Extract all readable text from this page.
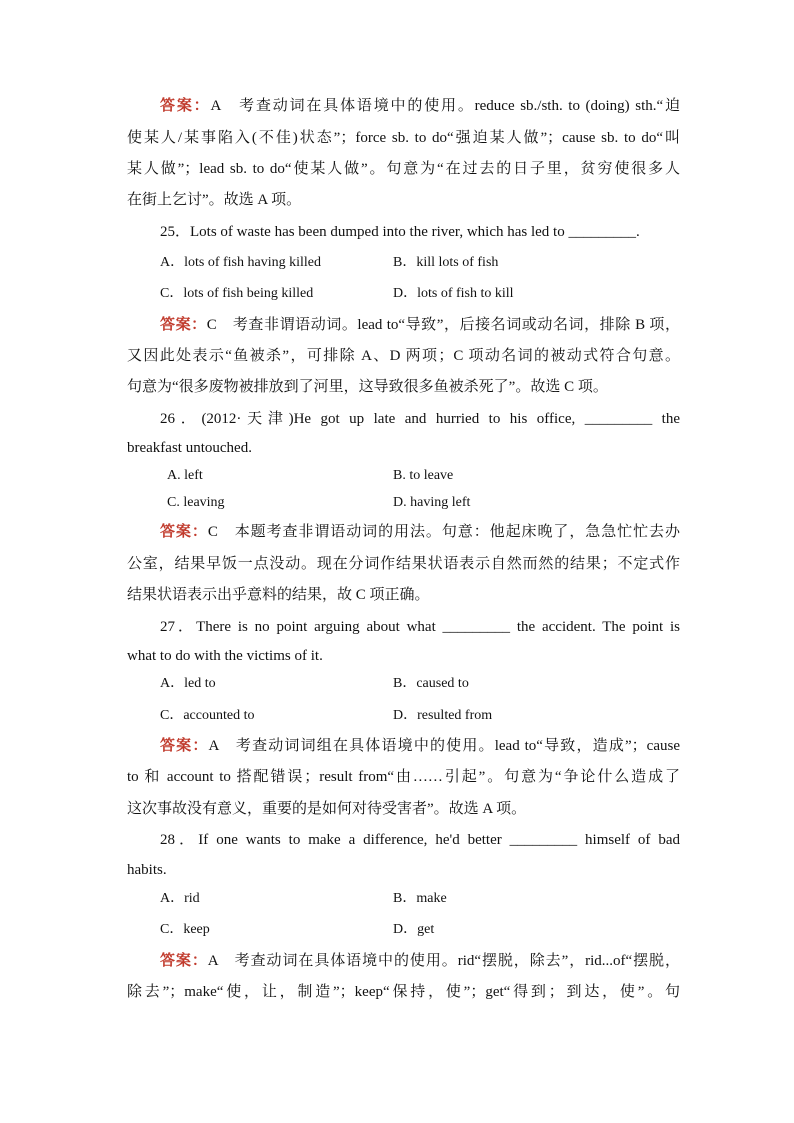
答案：A　考查动词在具体语境中的使用。reduce sb./sth. to (doing) sth.“迫
使某人/某事陷入(不佳)状态”；force sb. to do“强迫某人做”；cause sb. to do“叫
某人做”；lead sb. to do“使某人做”。句意为“在过去的日子里，贫穷使很多人
在街上乞讨”。故选 A 项。
25．Lots of waste has been dumped into the river, which has led to _________.
A．lots of fish having killed	B．kill lots of fish
C．lots of fish being killed	D．lots of fish to kill
答案：C　考查非谓语动词。lead to“导致”，后接名词或动名词，排除 B 项，
又因此处表示“鱼被杀”，可排除 A、D 两项；C 项动名词的被动式符合句意。
句意为“很多废物被排放到了河里，这导致很多鱼被杀死了”。故选 C 项。
26．(2012·天津)He got up late and hurried to his office, _________ the
breakfast untouched.
A. left	B. to leave
C. leaving	D. having left
答案：C　本题考查非谓语动词的用法。句意：他起床晚了，急急忙忙去办
公室，结果早饭一点没动。现在分词作结果状语表示自然而然的结果；不定式作
结果状语表示出乎意料的结果，故 C 项正确。
27．There is no point arguing about what _________ the accident. The point is
what to do with the victims of it.
A．led to	B．caused to
C．accounted to	D．resulted from
答案：A　考查动词词组在具体语境中的使用。lead to“导致，造成”；cause
to 和 account to 搭配错误；result from“由……引起”。句意为“争论什么造成了
这次事故没有意义，重要的是如何对待受害者”。故选 A 项。
28．If one wants to make a difference, he'd better _________ himself of bad
habits.
A．rid	B．make
C．keep	D．get
答案：A　考查动词在具体语境中的使用。rid“摆脱，除去”，rid...of“摆脱，
除去”；make“使，让，制造”；keep“保持，使”；get“得到；到达，使”。句
